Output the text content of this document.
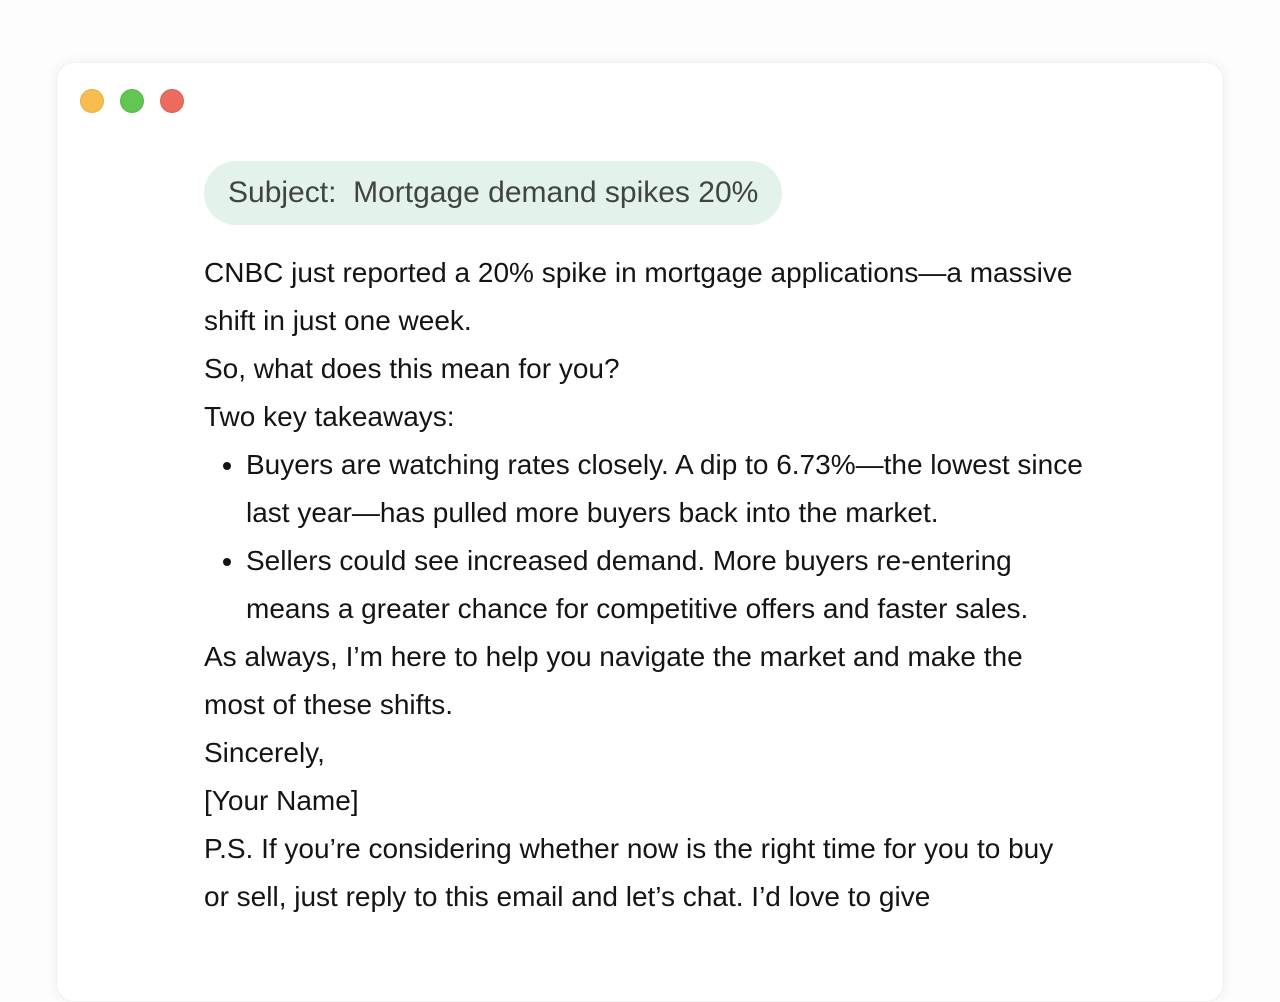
Subject: Mortgage demand spikes 20%

CNBC just reported a 20% spike in mortgage applications—a massive shift in just one week.

So, what does this mean for you?

Two key takeaways:

• Buyers are watching rates closely. A dip to 6.73%—the lowest since last year—has pulled more buyers back into the market.
• Sellers could see increased demand. More buyers re-entering means a greater chance for competitive offers and faster sales.

As always, I’m here to help you navigate the market and make the most of these shifts.

Sincerely,

[Your Name]

P.S. If you’re considering whether now is the right time for you to buy or sell, just reply to this email and let’s chat. I’d love to give
